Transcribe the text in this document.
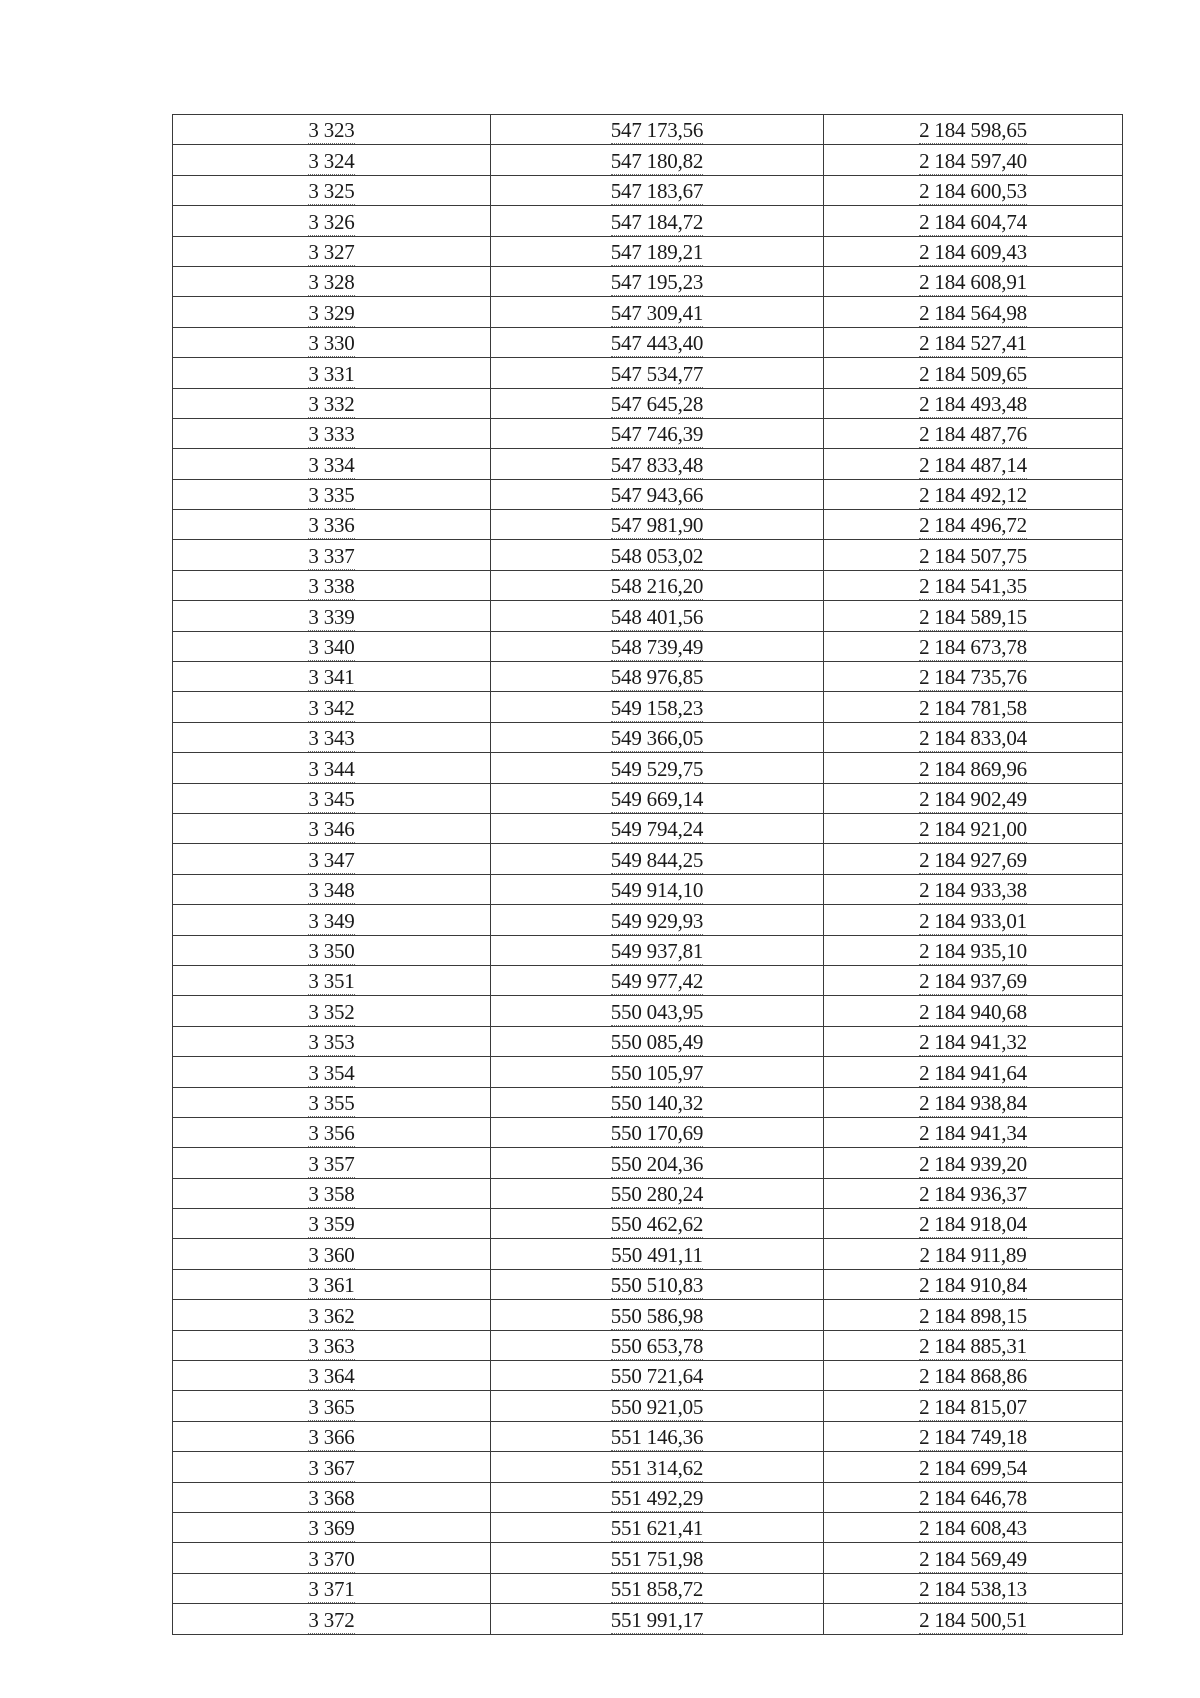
3 323	547 173,56	2 184 598,65
3 324	547 180,82	2 184 597,40
3 325	547 183,67	2 184 600,53
3 326	547 184,72	2 184 604,74
3 327	547 189,21	2 184 609,43
3 328	547 195,23	2 184 608,91
3 329	547 309,41	2 184 564,98
3 330	547 443,40	2 184 527,41
3 331	547 534,77	2 184 509,65
3 332	547 645,28	2 184 493,48
3 333	547 746,39	2 184 487,76
3 334	547 833,48	2 184 487,14
3 335	547 943,66	2 184 492,12
3 336	547 981,90	2 184 496,72
3 337	548 053,02	2 184 507,75
3 338	548 216,20	2 184 541,35
3 339	548 401,56	2 184 589,15
3 340	548 739,49	2 184 673,78
3 341	548 976,85	2 184 735,76
3 342	549 158,23	2 184 781,58
3 343	549 366,05	2 184 833,04
3 344	549 529,75	2 184 869,96
3 345	549 669,14	2 184 902,49
3 346	549 794,24	2 184 921,00
3 347	549 844,25	2 184 927,69
3 348	549 914,10	2 184 933,38
3 349	549 929,93	2 184 933,01
3 350	549 937,81	2 184 935,10
3 351	549 977,42	2 184 937,69
3 352	550 043,95	2 184 940,68
3 353	550 085,49	2 184 941,32
3 354	550 105,97	2 184 941,64
3 355	550 140,32	2 184 938,84
3 356	550 170,69	2 184 941,34
3 357	550 204,36	2 184 939,20
3 358	550 280,24	2 184 936,37
3 359	550 462,62	2 184 918,04
3 360	550 491,11	2 184 911,89
3 361	550 510,83	2 184 910,84
3 362	550 586,98	2 184 898,15
3 363	550 653,78	2 184 885,31
3 364	550 721,64	2 184 868,86
3 365	550 921,05	2 184 815,07
3 366	551 146,36	2 184 749,18
3 367	551 314,62	2 184 699,54
3 368	551 492,29	2 184 646,78
3 369	551 621,41	2 184 608,43
3 370	551 751,98	2 184 569,49
3 371	551 858,72	2 184 538,13
3 372	551 991,17	2 184 500,51
